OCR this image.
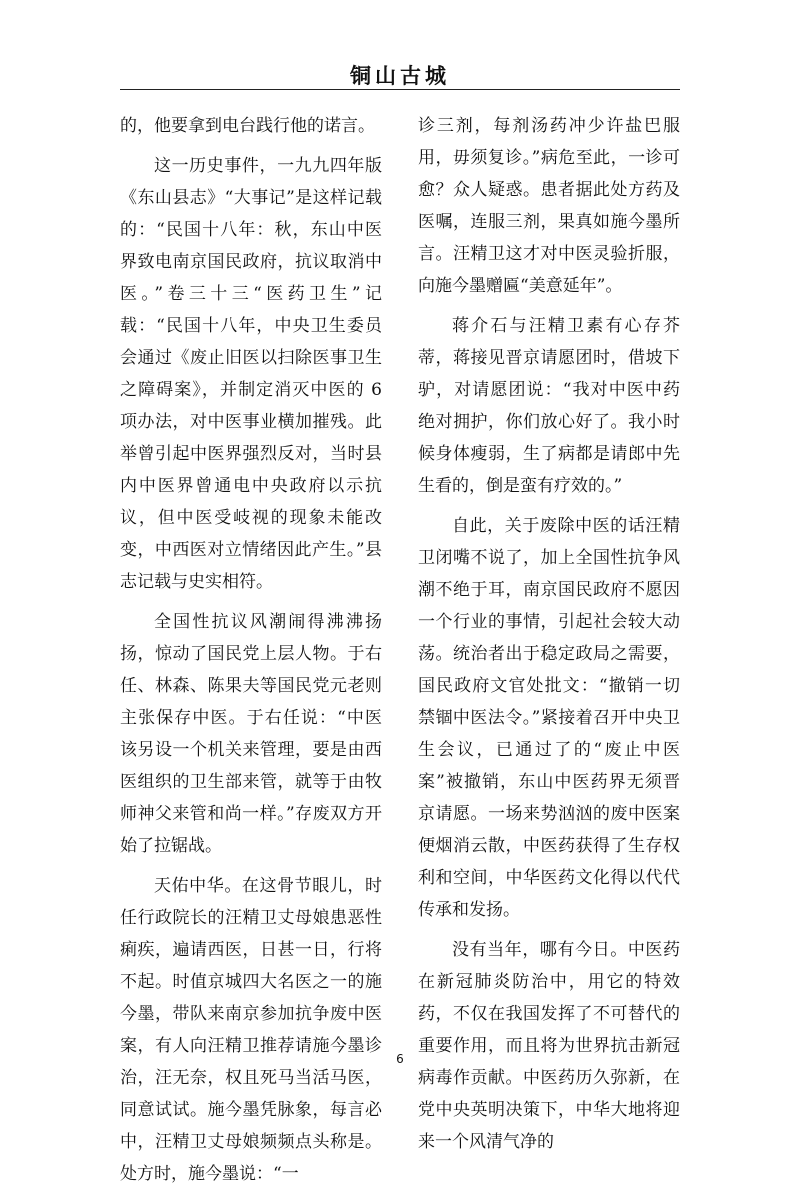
铜山古城

的，他要拿到电台践行他的诺言。

这一历史事件，一九九四年版《东山县志》“大事记”是这样记载的：“民国十八年：秋，东山中医界致电南京国民政府，抗议取消中医。”卷三十三“医药卫生”记载：“民国十八年，中央卫生委员会通过《废止旧医以扫除医事卫生之障碍案》，并制定消灭中医的 6 项办法，对中医事业横加摧残。此举曾引起中医界强烈反对，当时县内中医界曾通电中央政府以示抗议，但中医受岐视的现象未能改变，中西医对立情绪因此产生。”县志记载与史实相符。

全国性抗议风潮闹得沸沸扬扬，惊动了国民党上层人物。于右任、林森、陈果夫等国民党元老则主张保存中医。于右任说：“中医该另设一个机关来管理，要是由西医组织的卫生部来管，就等于由牧师神父来管和尚一样。”存废双方开始了拉锯战。

天佑中华。在这骨节眼儿，时任行政院长的汪精卫丈母娘患恶性痢疾，遍请西医，日甚一日，行将不起。时值京城四大名医之一的施今墨，带队来南京参加抗争废中医案，有人向汪精卫推荐请施今墨诊治，汪无奈，权且死马当活马医，同意试试。施今墨凭脉象，每言必中，汪精卫丈母娘频频点头称是。处方时，施今墨说：“一

诊三剂，每剂汤药冲少许盐巴服用，毋须复诊。”病危至此，一诊可愈？众人疑惑。患者据此处方药及医嘱，连服三剂，果真如施今墨所言。汪精卫这才对中医灵验折服，向施今墨赠匾“美意延年”。

蒋介石与汪精卫素有心存芥蒂，蒋接见晋京请愿团时，借坡下驴，对请愿团说：“我对中医中药绝对拥护，你们放心好了。我小时候身体瘦弱，生了病都是请郎中先生看的，倒是蛮有疗效的。”

自此，关于废除中医的话汪精卫闭嘴不说了，加上全国性抗争风潮不绝于耳，南京国民政府不愿因一个行业的事情，引起社会较大动荡。统治者出于稳定政局之需要，国民政府文官处批文：“撤销一切禁锢中医法令。”紧接着召开中央卫生会议，已通过了的“废止中医案”被撤销，东山中医药界无须晋京请愿。一场来势汹汹的废中医案便烟消云散，中医药获得了生存权利和空间，中华医药文化得以代代传承和发扬。

没有当年，哪有今日。中医药在新冠肺炎防治中，用它的特效药，不仅在我国发挥了不可替代的重要作用，而且将为世界抗击新冠病毒作贡献。中医药历久弥新，在党中央英明决策下，中华大地将迎来一个风清气净的

6
